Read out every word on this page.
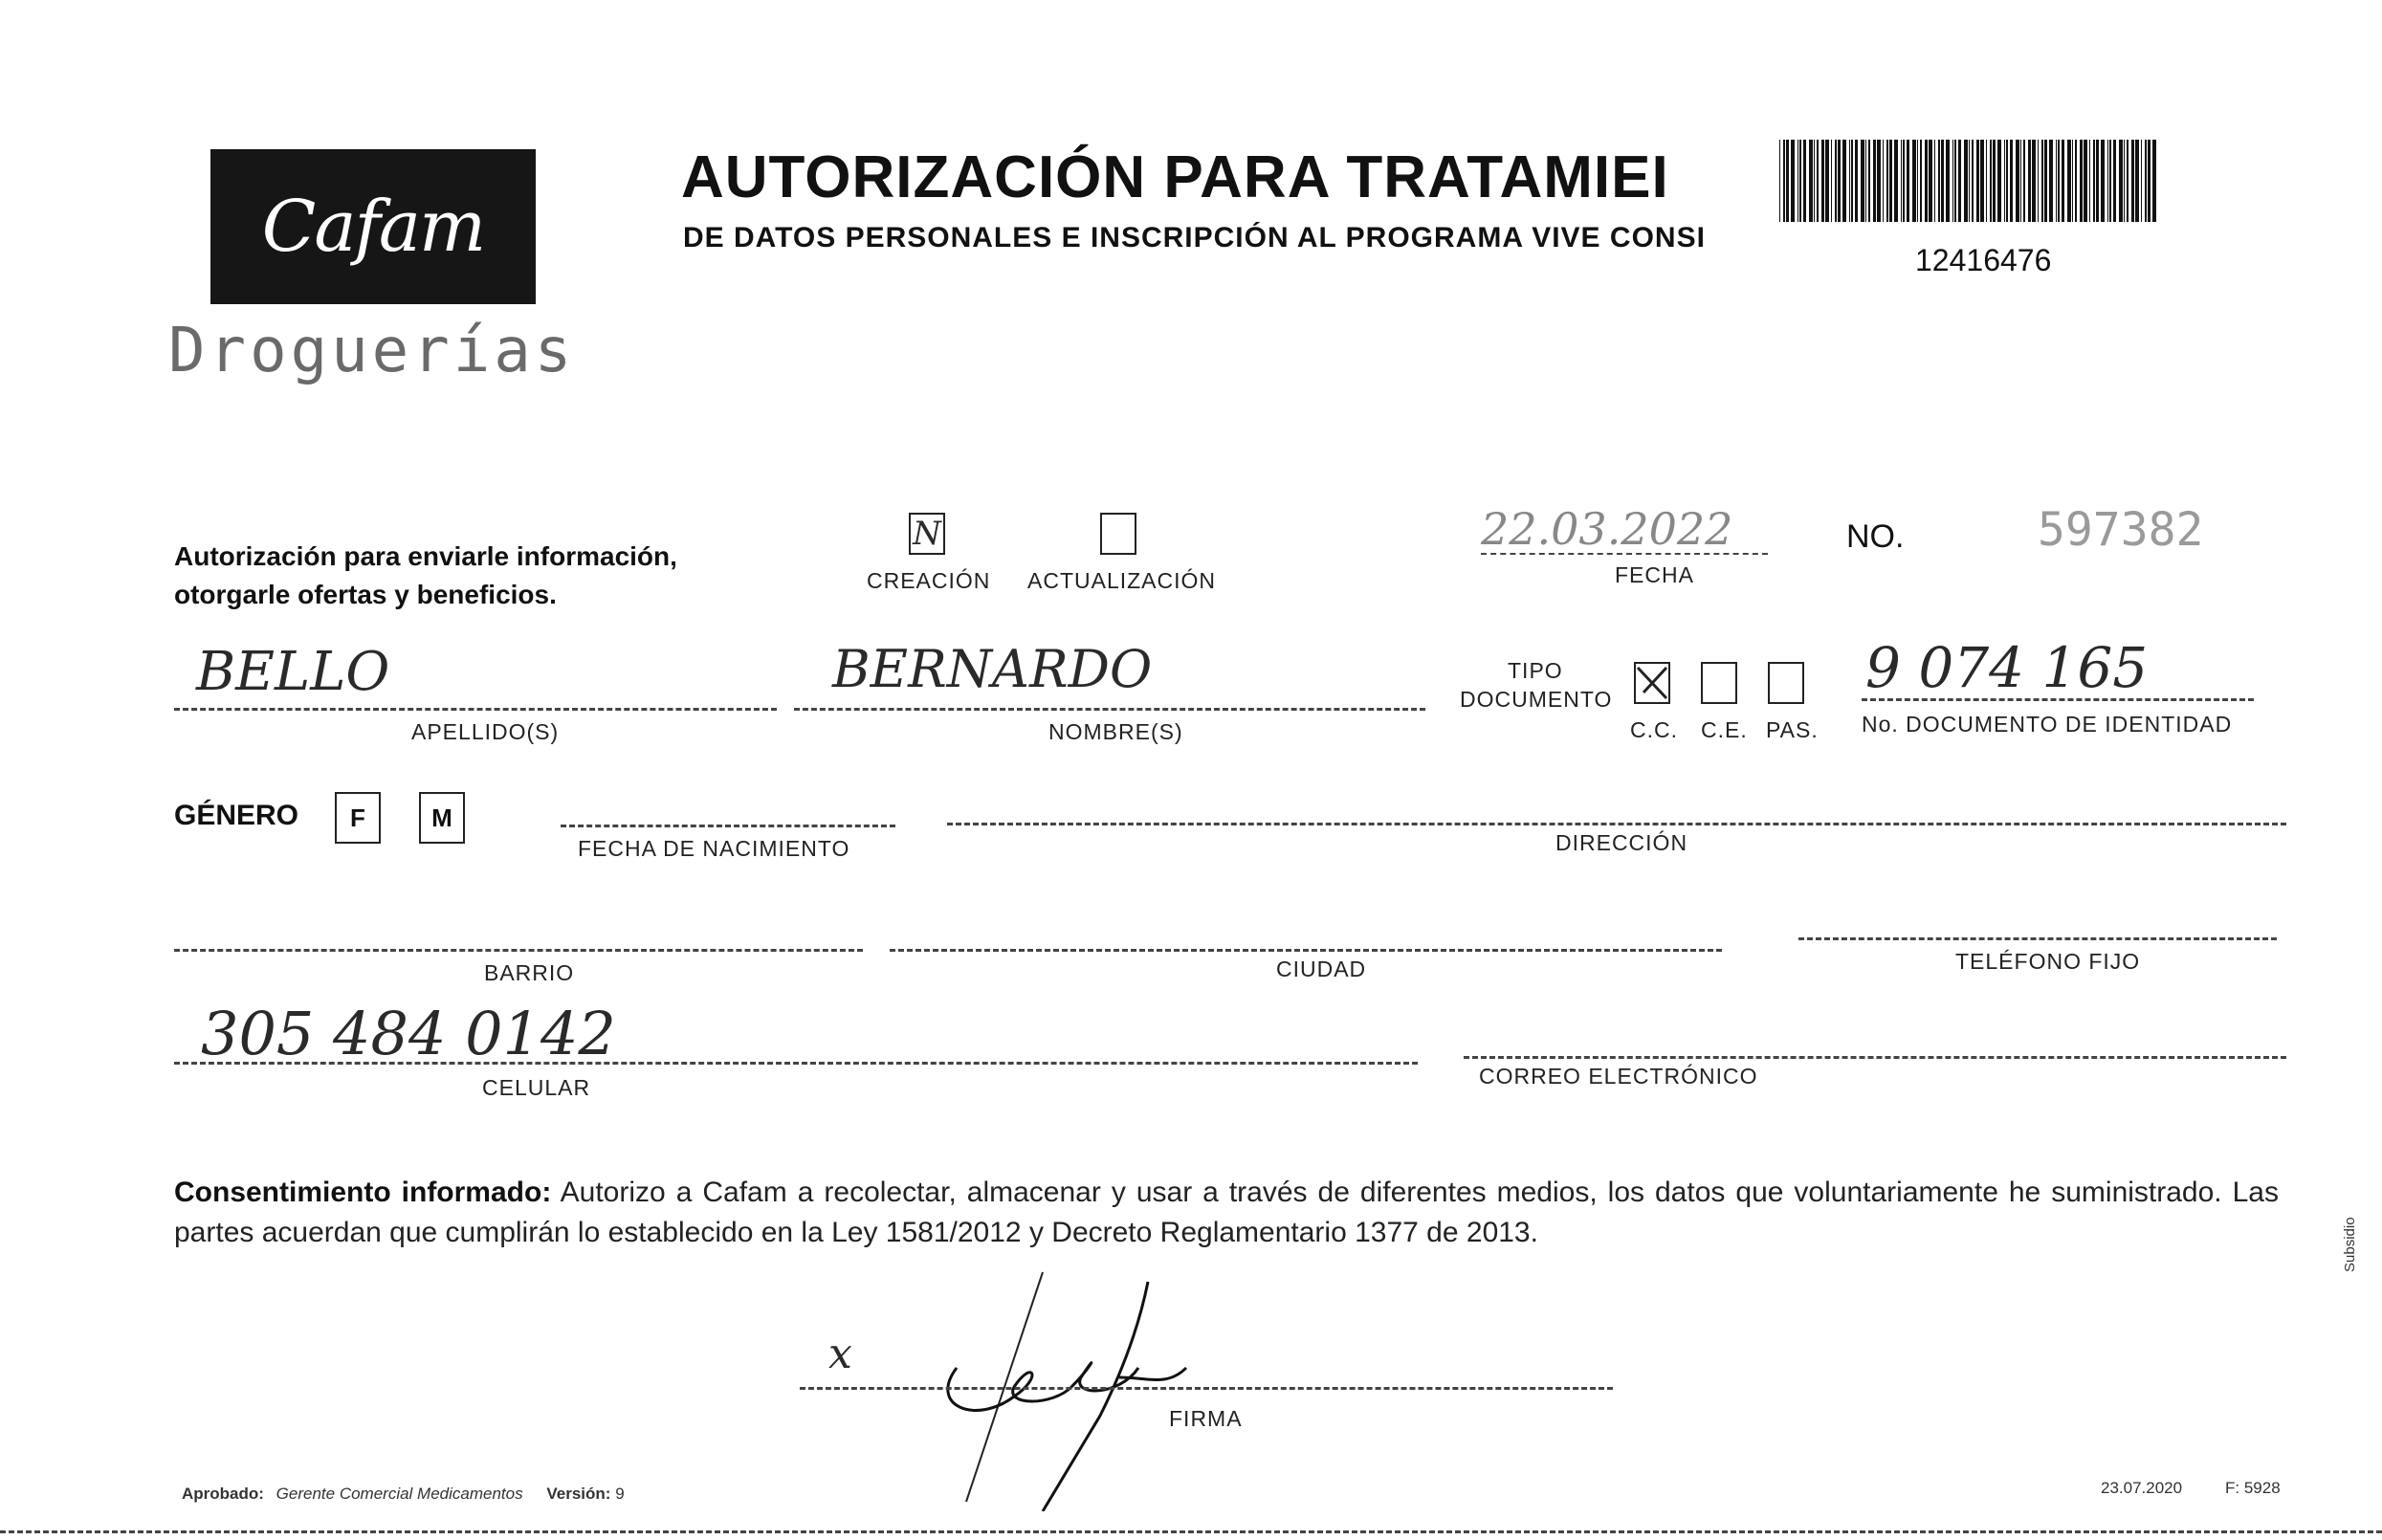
Cafam
Droguerías
AUTORIZACIÓN PARA TRATAMIEI
DE DATOS PERSONALES E INSCRIPCIÓN AL PROGRAMA VIVE CONSI
12416476
Autorización para enviarle información,
otorgarle ofertas y beneficios.
N
CREACIÓN ACTUALIZACIÓN
22.03.2022
FECHA
NO.	597382
BELLO
APELLIDO(S)
BERNARDO
NOMBRE(S)
TIPO
DOCUMENTO
C.C. C.E. PAS.
9 074 165
No. DOCUMENTO DE IDENTIDAD
GÉNERO F	M
FECHA DE NACIMIENTO	DIRECCIÓN
BARRIO	CIUDAD	TELÉFONO FIJO
305 484 0142
CELULAR	CORREO ELECTRÓNICO
Consentimiento informado: Autorizo a Cafam a recolectar, almacenar y usar a través de diferentes medios, los datos que voluntariamente he suministrado. Las partes acuerdan que cumplirán lo establecido en la Ley 1581/2012 y Decreto Reglamentario 1377 de 2013.
x
FIRMA
Aprobado: Gerente Comercial Medicamentos Versión: 9	23.07.2020	F: 5928
Subsidio
